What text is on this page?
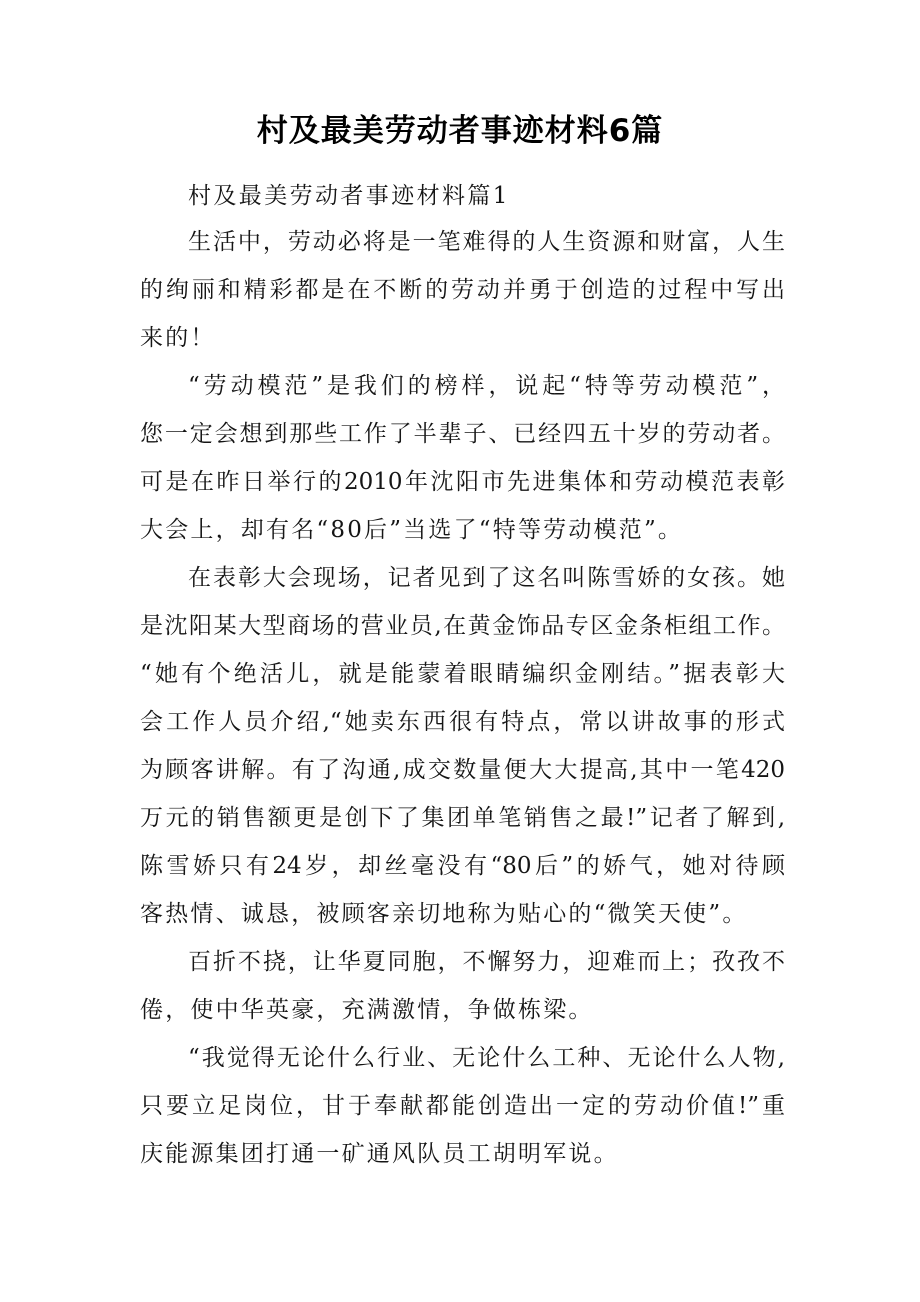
村及最美劳动者事迹材料6篇
村及最美劳动者事迹材料篇1
生活中，劳动必将是一笔难得的人生资源和财富，人生
的绚丽和精彩都是在不断的劳动并勇于创造的过程中写出
来的！
“劳动模范”是我们的榜样，说起“特等劳动模范”，
您一定会想到那些工作了半辈子、已经四五十岁的劳动者。
可是在昨日举行的2010年沈阳市先进集体和劳动模范表彰
大会上，却有名“80后”当选了“特等劳动模范”。
在表彰大会现场，记者见到了这名叫陈雪娇的女孩。她
是沈阳某大型商场的营业员,在黄金饰品专区金条柜组工作。
“她有个绝活儿，就是能蒙着眼睛编织金刚结。”据表彰大
会工作人员介绍,“她卖东西很有特点，常以讲故事的形式
为顾客讲解。有了沟通,成交数量便大大提高,其中一笔420
万元的销售额更是创下了集团单笔销售之最!”记者了解到,
陈雪娇只有24岁，却丝毫没有“80后”的娇气，她对待顾
客热情、诚恳，被顾客亲切地称为贴心的“微笑天使”。
百折不挠，让华夏同胞，不懈努力，迎难而上；孜孜不
倦，使中华英豪，充满激情，争做栋梁。
“我觉得无论什么行业、无论什么工种、无论什么人物,
只要立足岗位，甘于奉献都能创造出一定的劳动价值!”重
庆能源集团打通一矿通风队员工胡明军说。
